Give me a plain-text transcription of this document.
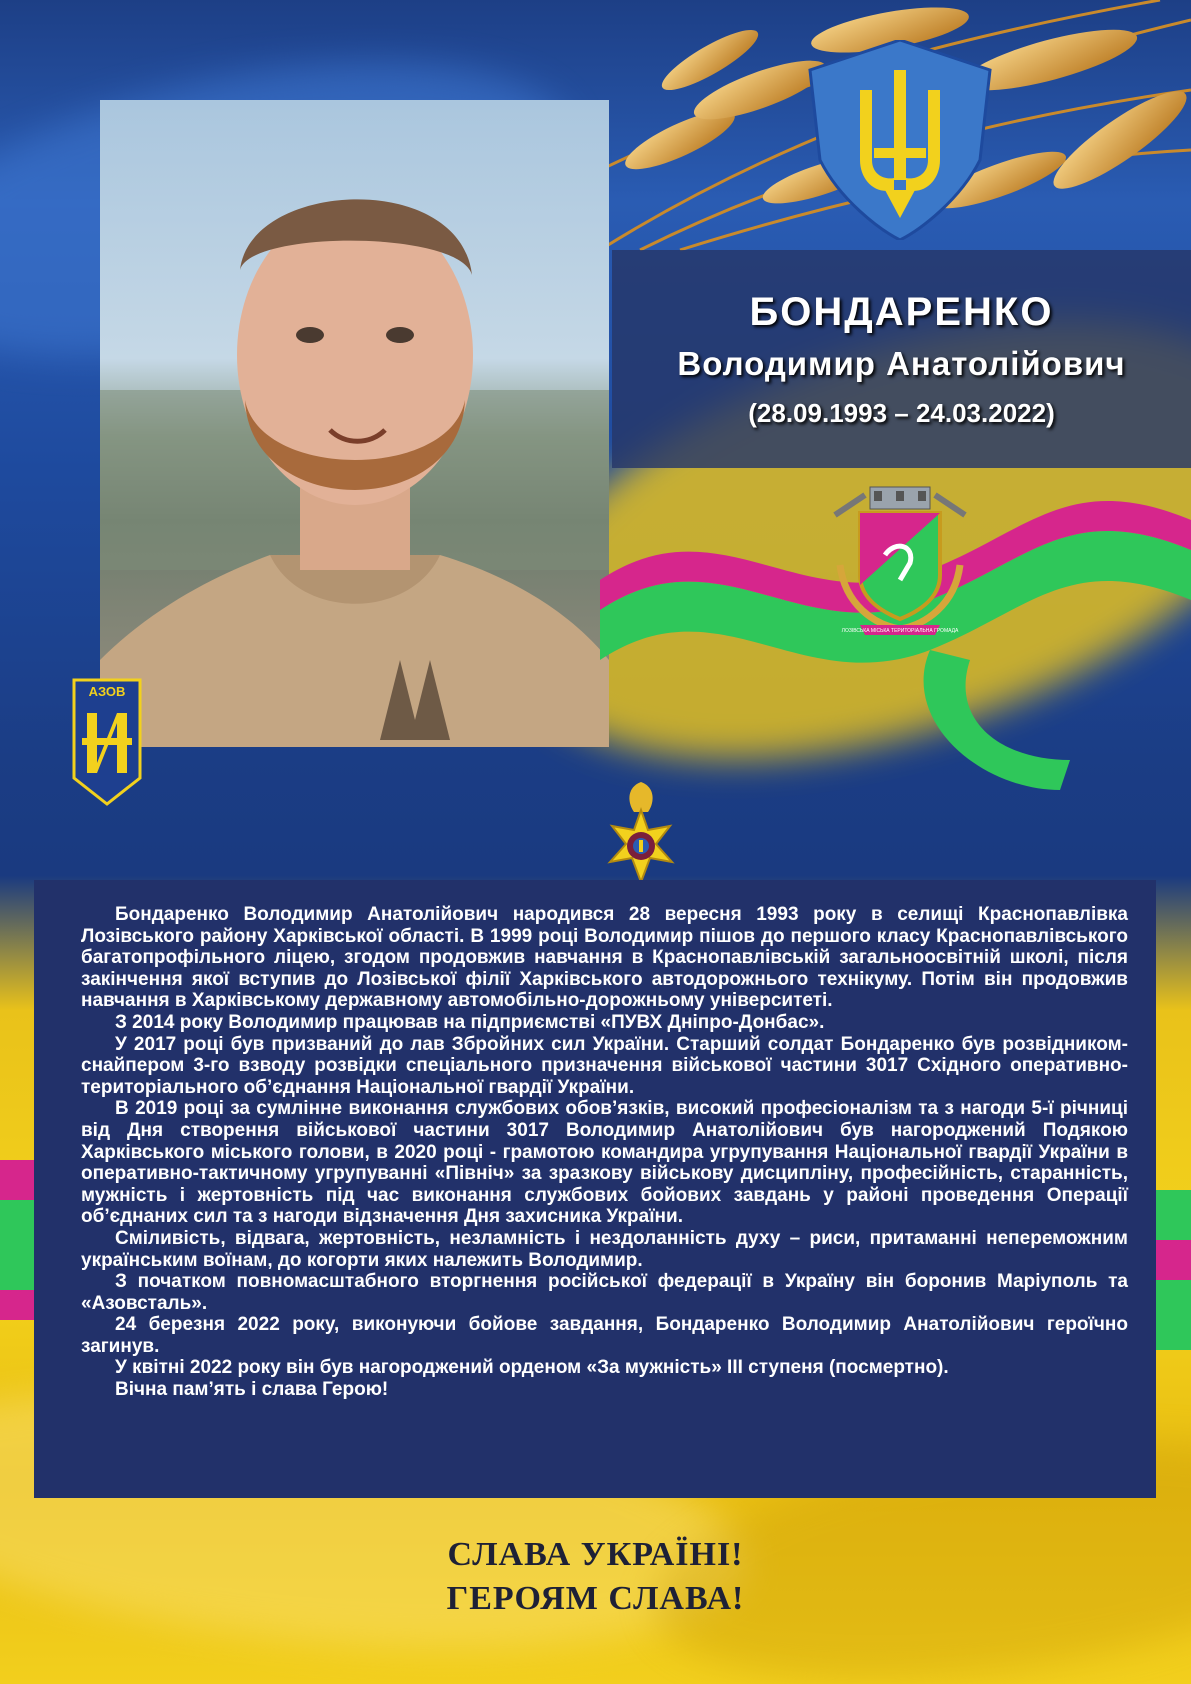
БОНДАРЕНКО
Володимир Анатолійович
(28.09.1993 – 24.03.2022)
ЛОЗІВСЬКА МІСЬКА ТЕРИТОРІАЛЬНА ГРОМАДА
АЗОВ

Бондаренко Володимир Анатолійович народився 28 вересня 1993 року в селищі Краснопавлівка Лозівського району Харківської області. В 1999 році Володимир пішов до першого класу Краснопавлівського багатопрофільного ліцею, згодом продовжив навчання в Краснопавлівській загальноосвітній школі, після закінчення якої вступив до Лозівської філії Харківського автодорожнього технікуму. Потім він продовжив навчання в Харківському державному автомобільно-дорожньому університеті.

З 2014 року Володимир працював на підприємстві «ПУВХ Дніпро-Донбас».

У 2017 році був призваний до лав Збройних сил України. Старший солдат Бондаренко був розвідником-снайпером 3-го взводу розвідки спеціального призначення військової частини 3017 Східного оперативно-територіального об’єднання Національної гвардії України.

В 2019 році за сумлінне виконання службових обов’язків, високий професіоналізм та з нагоди 5-ї річниці від Дня створення військової частини 3017 Володимир Анатолійович був нагороджений Подякою Харківського міського голови, в 2020 році - грамотою командира угрупування Національної гвардії України в оперативно-тактичному угрупуванні «Північ» за зразкову військову дисципліну, професійність, старанність, мужність і жертовність під час виконання службових бойових завдань у районі проведення Операції об’єднаних сил та з нагоди відзначення Дня захисника України.

Сміливість, відвага, жертовність, незламність і нездоланність духу – риси, притаманні непереможним українським воїнам, до когорти яких належить Володимир.

З початком повномасштабного вторгнення російської федерації в Україну він боронив Маріуполь та «Азовсталь».

24 березня 2022 року, виконуючи бойове завдання, Бондаренко Володимир Анатолійович героїчно загинув.

У квітні 2022 року він був нагороджений орденом «За мужність» III ступеня (посмертно).

Вічна пам’ять і слава Герою!

СЛАВА УКРАЇНІ!
ГЕРОЯМ СЛАВА!
